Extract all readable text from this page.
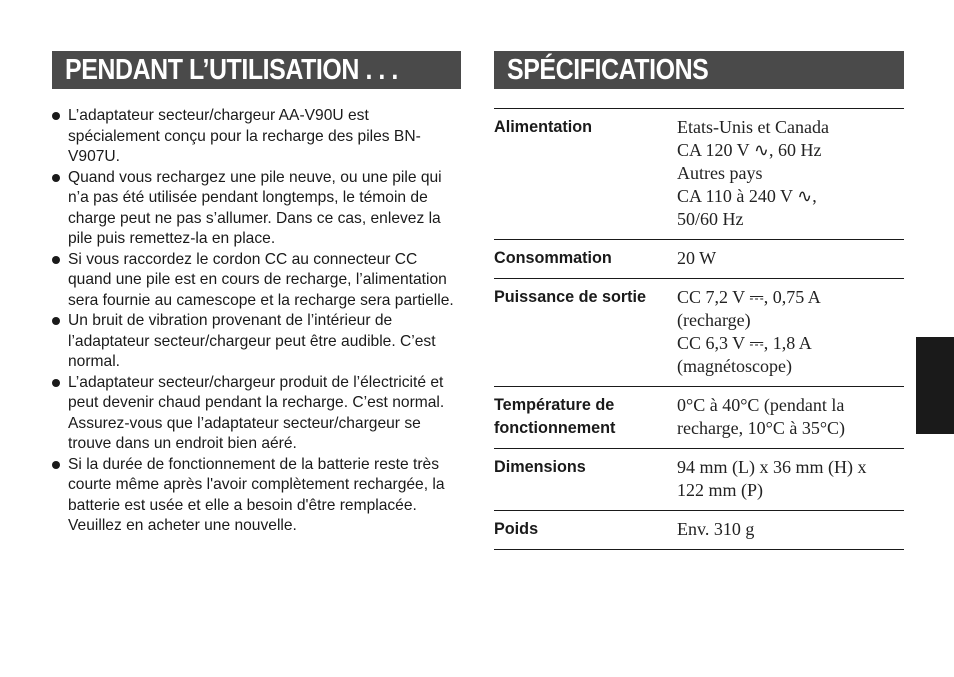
PENDANT L’UTILISATION . . .	SPÉCIFICATIONS
L’adaptateur secteur/chargeur AA-V90U est spécialement conçu pour la recharge des piles BN-V907U.
Quand vous rechargez une pile neuve, ou une pile qui n’a pas été utilisée pendant longtemps, le témoin de charge peut ne pas s’allumer. Dans ce cas, enlevez la pile puis remettez-la en place.
Si vous raccordez le cordon CC au connecteur CC quand une pile est en cours de recharge, l’alimentation sera fournie au camescope et la recharge sera partielle.
Un bruit de vibration provenant de l’intérieur de l’adaptateur secteur/chargeur peut être audible. C’est normal.
L’adaptateur secteur/chargeur produit de l’électricité et peut devenir chaud pendant la recharge. C’est normal. Assurez-vous que l’adaptateur secteur/chargeur se trouve dans un endroit bien aéré.
Si la durée de fonctionnement de la batterie reste très courte même après l'avoir complètement rechargée, la batterie est usée et elle a besoin d'être remplacée. Veuillez en acheter une nouvelle.
Alimentation	Etats-Unis et Canada
CA 120 V ∿, 60 Hz
Autres pays
CA 110 à 240 V ∿,
50/60 Hz

Consommation	20 W

Puissance de sortie	CC 7,2 V ⎓, 0,75 A
(recharge)
CC 6,3 V ⎓, 1,8 A
(magnétoscope)

Température de fonctionnement	0°C à 40°C (pendant la
recharge, 10°C à 35°C)

Dimensions	94 mm (L) x 36 mm (H) x
122 mm (P)

Poids	Env. 310 g
